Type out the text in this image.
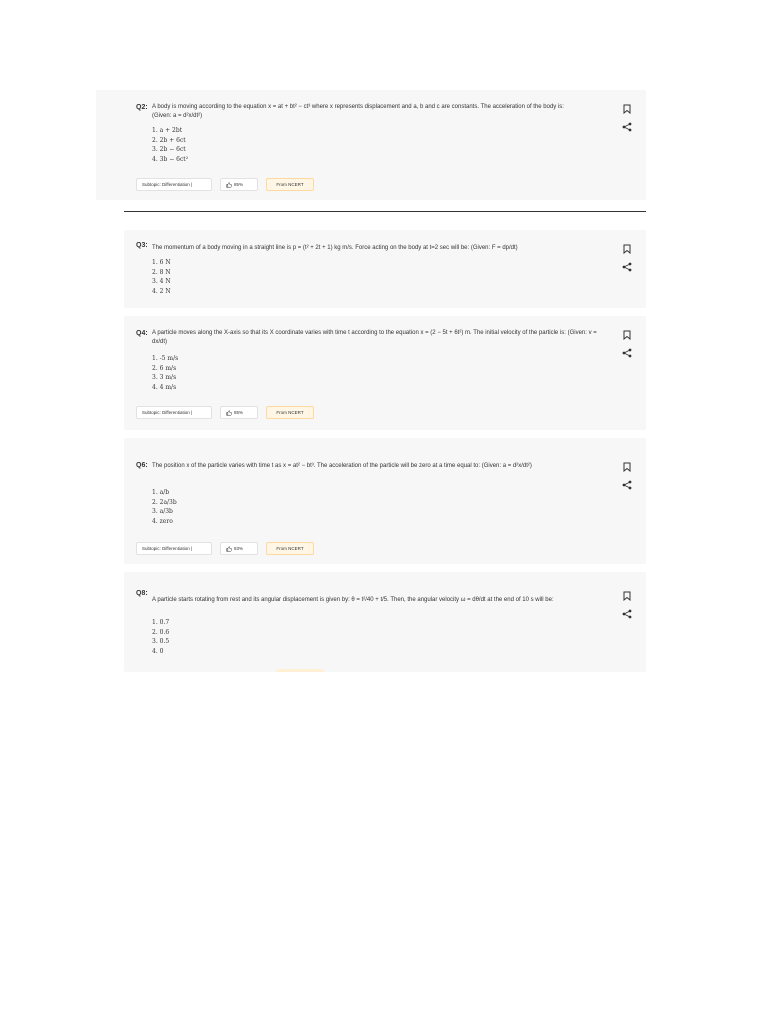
Q2: A body is moving according to the equation x = at + bt² − ct³ where x represents displacement and a, b and c are constants. The acceleration of the body is: (Given: a = d²x/dt²)
1. a + 2bt
2. 2b + 6ct
3. 2b − 6ct
4. 3b − 6ct²
Subtopic: Differentiation |	85%	From NCERT
Q3: The momentum of a body moving in a straight line is p = (t² + 2t + 1) kg m/s. Force acting on the body at t=2 sec will be: (Given: F = dp/dt)
1. 6 N
2. 8 N
3. 4 N
4. 2 N
Q4: A particle moves along the X-axis so that its X coordinate varies with time t according to the equation x = (2 − 5t + 6t²) m. The initial velocity of the particle is: (Given: v = dx/dt)
1. -5 m/s
2. 6 m/s
3. 3 m/s
4. 4 m/s
Subtopic: Differentiation |	85%	From NCERT
Q6: The position x of the particle varies with time t as x = at² − bt³. The acceleration of the particle will be zero at a time equal to: (Given: a = d²x/dt²)
1. a/b
2. 2a/3b
3. a/3b
4. zero
Subtopic: Differentiation |	83%	From NCERT
Q8:
A particle starts rotating from rest and its angular displacement is given by: θ = t²/40 + t/5. Then, the angular velocity ω = dθ/dt at the end of 10 s will be:
1. 0.7
2. 0.6
3. 0.5
4. 0
